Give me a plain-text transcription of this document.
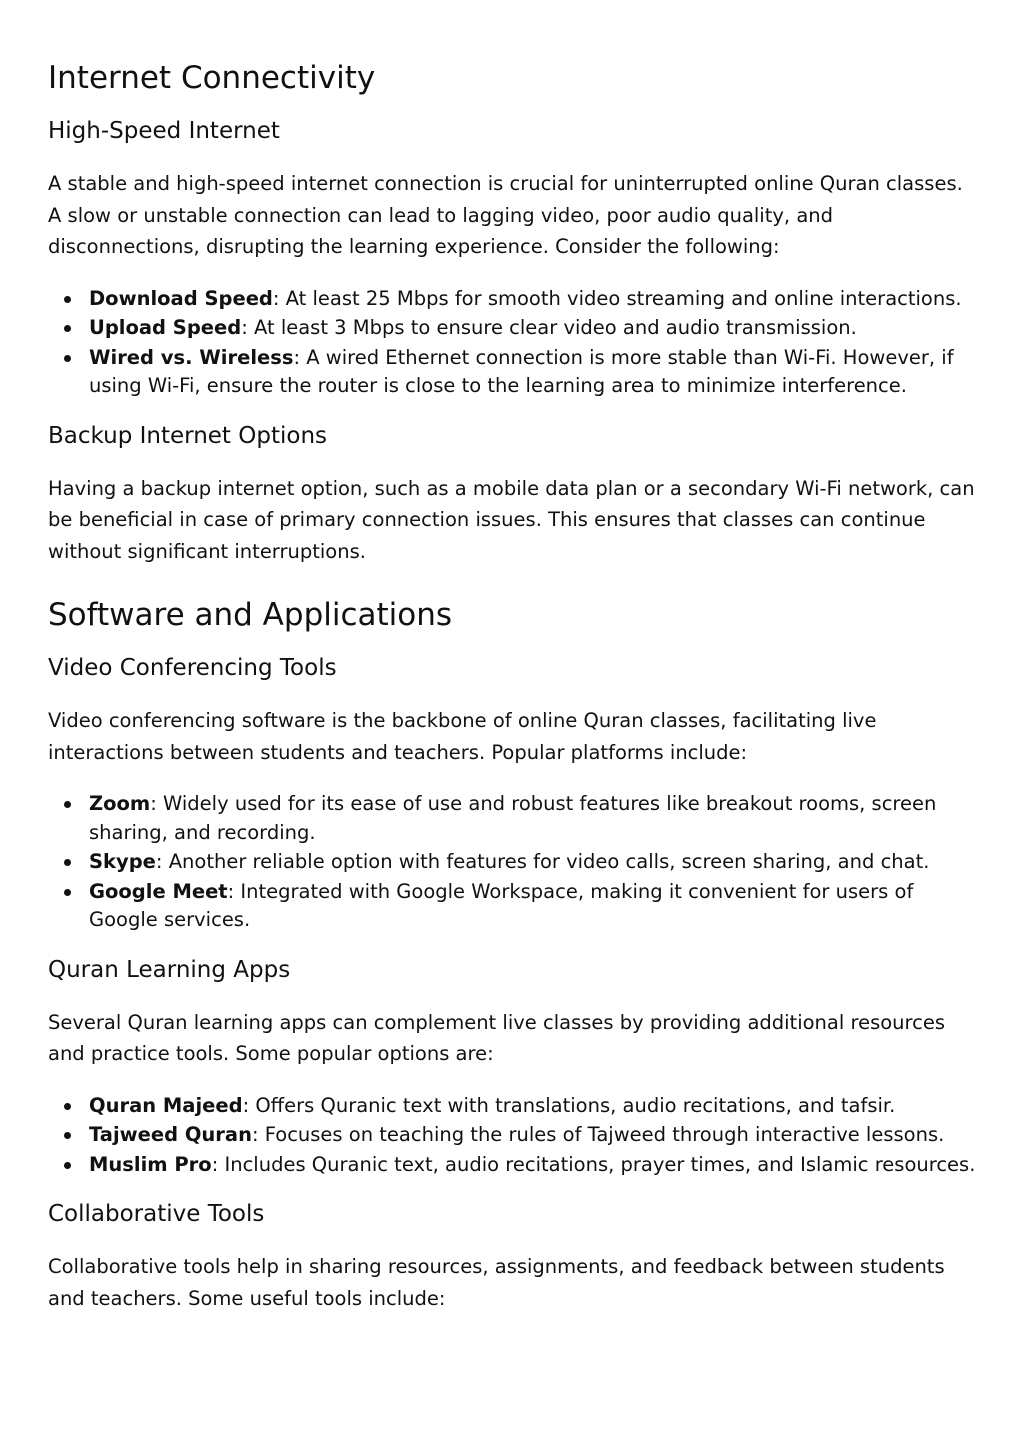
Internet Connectivity
High-Speed Internet

A stable and high-speed internet connection is crucial for uninterrupted online Quran classes. A slow or unstable connection can lead to lagging video, poor audio quality, and disconnections, disrupting the learning experience. Consider the following:

Download Speed: At least 25 Mbps for smooth video streaming and online interactions.
Upload Speed: At least 3 Mbps to ensure clear video and audio transmission.
Wired vs. Wireless: A wired Ethernet connection is more stable than Wi-Fi. However, if using Wi-Fi, ensure the router is close to the learning area to minimize interference.
Backup Internet Options

Having a backup internet option, such as a mobile data plan or a secondary Wi-Fi network, can be beneficial in case of primary connection issues. This ensures that classes can continue without significant interruptions.

Software and Applications
Video Conferencing Tools

Video conferencing software is the backbone of online Quran classes, facilitating live interactions between students and teachers. Popular platforms include:

Zoom: Widely used for its ease of use and robust features like breakout rooms, screen sharing, and recording.
Skype: Another reliable option with features for video calls, screen sharing, and chat.
Google Meet: Integrated with Google Workspace, making it convenient for users of Google services.
Quran Learning Apps

Several Quran learning apps can complement live classes by providing additional resources and practice tools. Some popular options are:

Quran Majeed: Offers Quranic text with translations, audio recitations, and tafsir.
Tajweed Quran: Focuses on teaching the rules of Tajweed through interactive lessons.
Muslim Pro: Includes Quranic text, audio recitations, prayer times, and Islamic resources.
Collaborative Tools

Collaborative tools help in sharing resources, assignments, and feedback between students and teachers. Some useful tools include:
